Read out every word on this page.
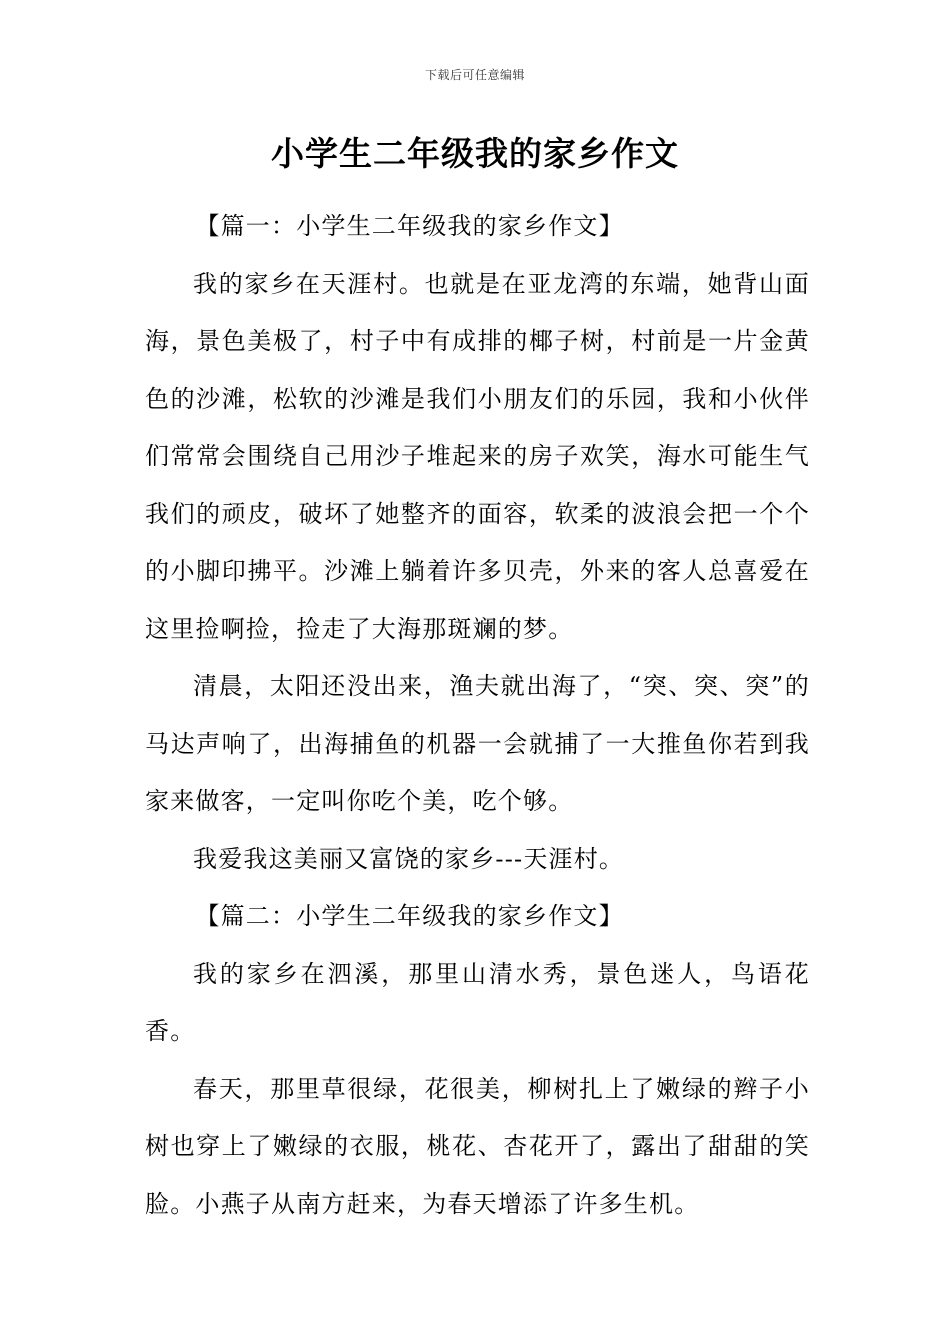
下载后可任意编辑
小学生二年级我的家乡作文

【篇一：小学生二年级我的家乡作文】

我的家乡在天涯村。也就是在亚龙湾的东端，她背山面海，景色美极了，村子中有成排的椰子树，村前是一片金黄色的沙滩，松软的沙滩是我们小朋友们的乐园，我和小伙伴们常常会围绕自己用沙子堆起来的房子欢笑，海水可能生气我们的顽皮，破坏了她整齐的面容，软柔的波浪会把一个个的小脚印拂平。沙滩上躺着许多贝壳，外来的客人总喜爱在这里捡啊捡，捡走了大海那斑斓的梦。

清晨，太阳还没出来，渔夫就出海了，“突、突、突”的马达声响了，出海捕鱼的机器一会就捕了一大推鱼你若到我家来做客，一定叫你吃个美，吃个够。

我爱我这美丽又富饶的家乡---天涯村。

【篇二：小学生二年级我的家乡作文】

我的家乡在泗溪，那里山清水秀，景色迷人，鸟语花香。

春天，那里草很绿，花很美，柳树扎上了嫩绿的辫子小树也穿上了嫩绿的衣服，桃花、杏花开了，露出了甜甜的笑脸。小燕子从南方赶来，为春天增添了许多生机。
